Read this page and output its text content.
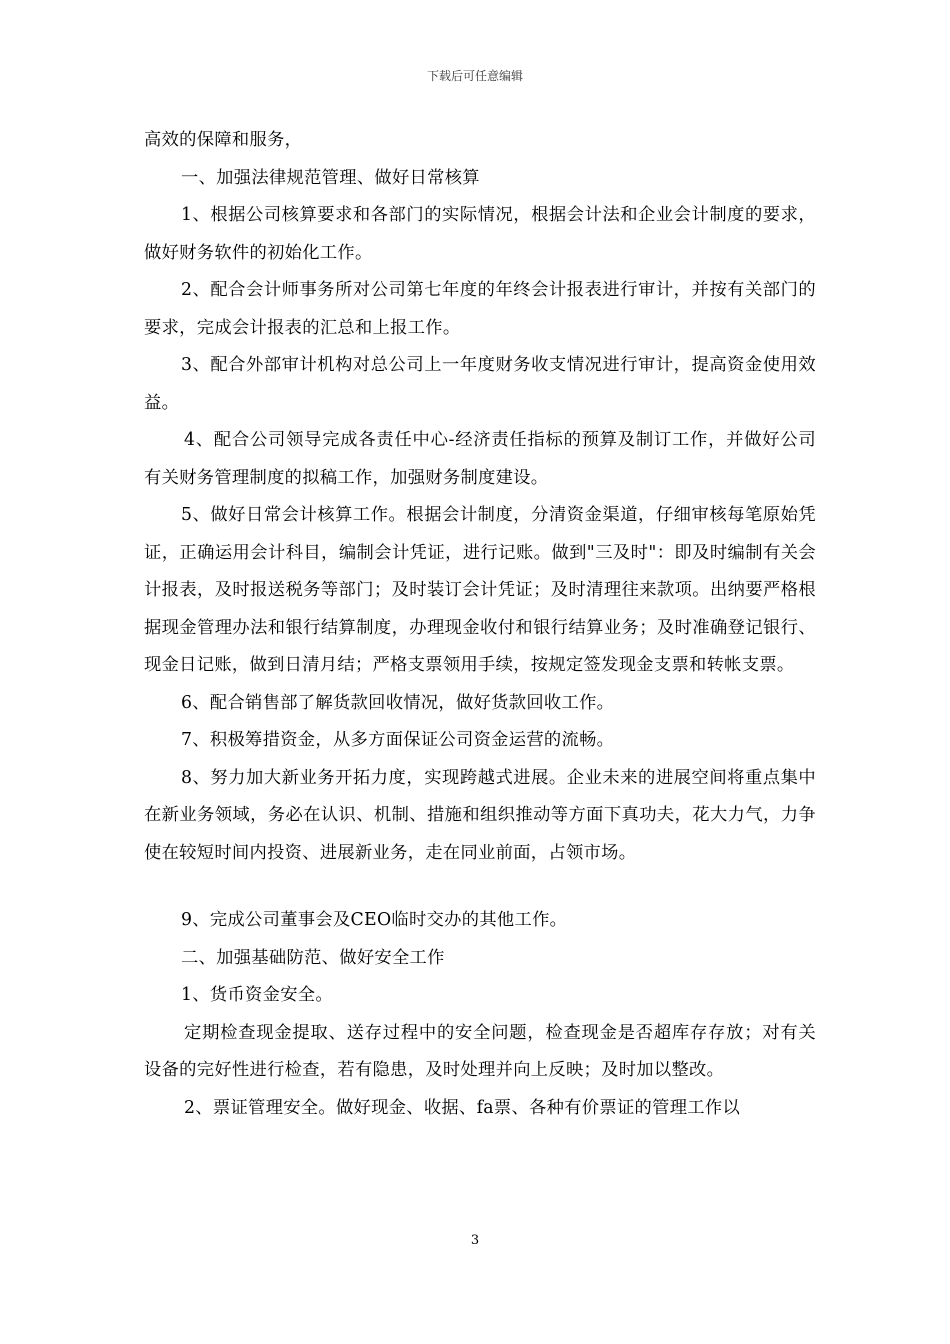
下载后可任意编辑

高效的保障和服务，

一、加强法律规范管理、做好日常核算

1、根据公司核算要求和各部门的实际情况，根据会计法和企业会计制度的要求，做好财务软件的初始化工作。

2、配合会计师事务所对公司第七年度的年终会计报表进行审计，并按有关部门的要求，完成会计报表的汇总和上报工作。

3、配合外部审计机构对总公司上一年度财务收支情况进行审计，提高资金使用效益。

4、配合公司领导完成各责任中心-经济责任指标的预算及制订工作，并做好公司有关财务管理制度的拟稿工作，加强财务制度建设。

5、做好日常会计核算工作。根据会计制度，分清资金渠道，仔细审核每笔原始凭证，正确运用会计科目，编制会计凭证，进行记账。做到"三及时"：即及时编制有关会计报表，及时报送税务等部门；及时装订会计凭证；及时清理往来款项。出纳要严格根据现金管理办法和银行结算制度，办理现金收付和银行结算业务；及时准确登记银行、现金日记账，做到日清月结；严格支票领用手续，按规定签发现金支票和转帐支票。

6、配合销售部了解货款回收情况，做好货款回收工作。

7、积极筹措资金，从多方面保证公司资金运营的流畅。

8、努力加大新业务开拓力度，实现跨越式进展。企业未来的进展空间将重点集中在新业务领域，务必在认识、机制、措施和组织推动等方面下真功夫，花大力气，力争使在较短时间内投资、进展新业务，走在同业前面，占领市场。

9、完成公司董事会及CEO临时交办的其他工作。

二、加强基础防范、做好安全工作

1、货币资金安全。

定期检查现金提取、送存过程中的安全问题，检查现金是否超库存存放；对有关设备的完好性进行检查，若有隐患，及时处理并向上反映；及时加以整改。

2、票证管理安全。做好现金、收据、fa票、各种有价票证的管理工作以

3
